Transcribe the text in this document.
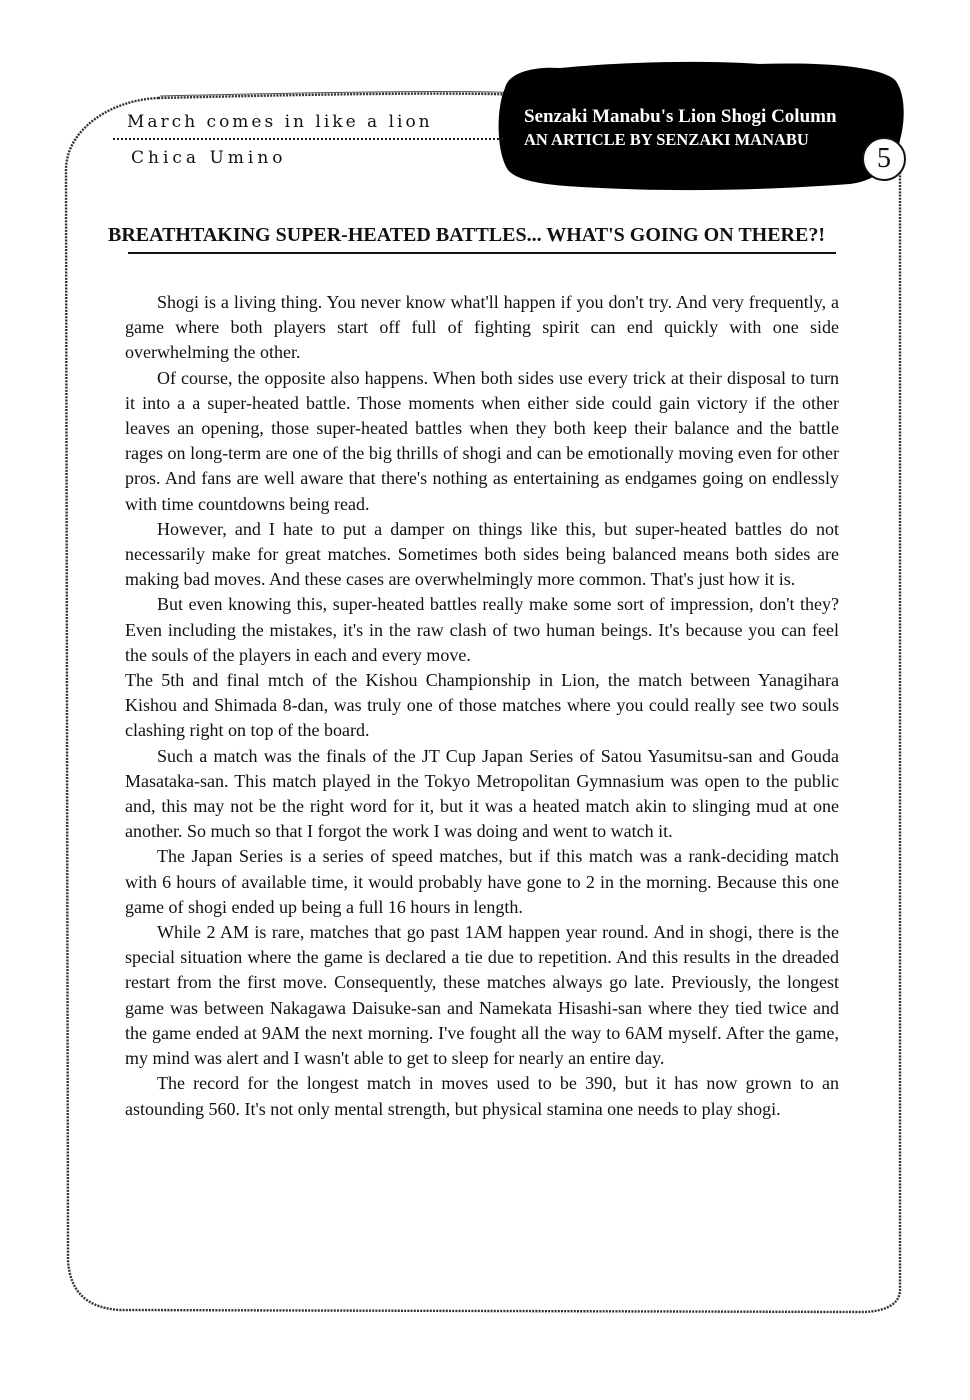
March comes in like a lion
Chica Umino
Senzaki Manabu's Lion Shogi Column
AN ARTICLE BY SENZAKI MANABU
5
BREATHTAKING SUPER-HEATED BATTLES... WHAT'S GOING ON THERE?!

Shogi is a living thing. You never know what'll happen if you don't try. And very frequently, a game where both players start off full of fighting spirit can end quickly with one side overwhelming the other.

Of course, the opposite also happens. When both sides use every trick at their disposal to turn it into a a super-heated battle. Those moments when either side could gain victory if the other leaves an opening, those super-heated battles when they both keep their balance and the battle rages on long-term are one of the big thrills of shogi and can be emotionally moving even for other pros. And fans are well aware that there's nothing as entertaining as endgames going on endlessly with time countdowns being read.

However, and I hate to put a damper on things like this, but super-heated battles do not necessarily make for great matches. Sometimes both sides being balanced means both sides are making bad moves. And these cases are overwhelmingly more common. That's just how it is.

But even knowing this, super-heated battles really make some sort of impression, don't they? Even including the mistakes, it's in the raw clash of two human beings. It's because you can feel the souls of the players in each and every move.

The 5th and final mtch of the Kishou Championship in Lion, the match between Yanagihara Kishou and Shimada 8-dan, was truly one of those matches where you could really see two souls clashing right on top of the board.

Such a match was the finals of the JT Cup Japan Series of Satou Yasumitsu-san and Gouda Masataka-san. This match played in the Tokyo Metropolitan Gymnasium was open to the public and, this may not be the right word for it, but it was a heated match akin to slinging mud at one another. So much so that I forgot the work I was doing and went to watch it.

The Japan Series is a series of speed matches, but if this match was a rank-deciding match with 6 hours of available time, it would probably have gone to 2 in the morning. Because this one game of shogi ended up being a full 16 hours in length.

While 2 AM is rare, matches that go past 1AM happen year round. And in shogi, there is the special situation where the game is declared a tie due to repetition. And this results in the dreaded restart from the first move. Consequently, these matches always go late. Previously, the longest game was between Nakagawa Daisuke-san and Namekata Hisashi-san where they tied twice and the game ended at 9AM the next morning. I've fought all the way to 6AM myself. After the game, my mind was alert and I wasn't able to get to sleep for nearly an entire day.

The record for the longest match in moves used to be 390, but it has now grown to an astounding 560. It's not only mental strength, but physical stamina one needs to play shogi.
